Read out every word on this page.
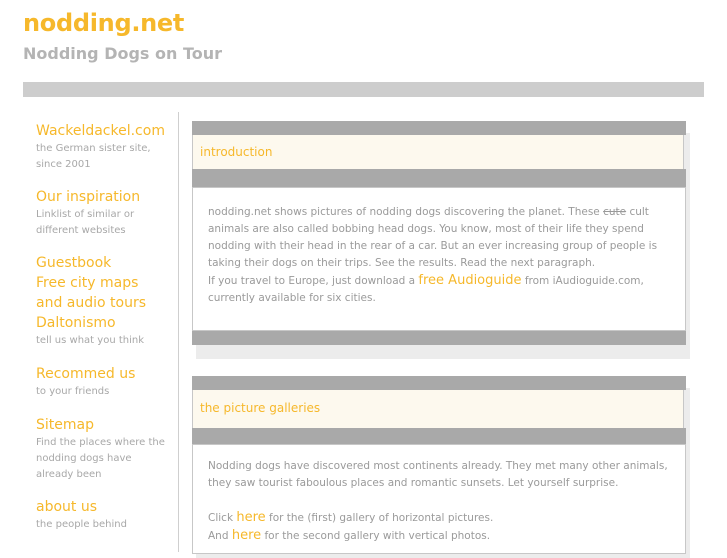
nodding.net
Nodding Dogs on Tour
Wackeldackel.com
the German sister site, since 2001
Our inspiration
Linklist of similar or different websites
Guestbook
Free city maps and audio tours
Daltonismo
tell us what you think
Recommed us
to your friends
Sitemap
Find the places where the nodding dogs have already been
about us
the people behind
introduction

nodding.net shows pictures of nodding dogs discovering the planet. These cute cult animals are also called bobbing head dogs. You know, most of their life they spend nodding with their head in the rear of a car. But an ever increasing group of people is taking their dogs on their trips. See the results. Read the next paragraph.

If you travel to Europe, just download a free Audioguide from iAudioguide.com, currently available for six cities.

the picture galleries

Nodding dogs have discovered most continents already. They met many other animals, they saw tourist faboulous places and romantic sunsets. Let yourself surprise.

Click here for the (first) gallery of horizontal pictures.

And here for the second gallery with vertical photos.
